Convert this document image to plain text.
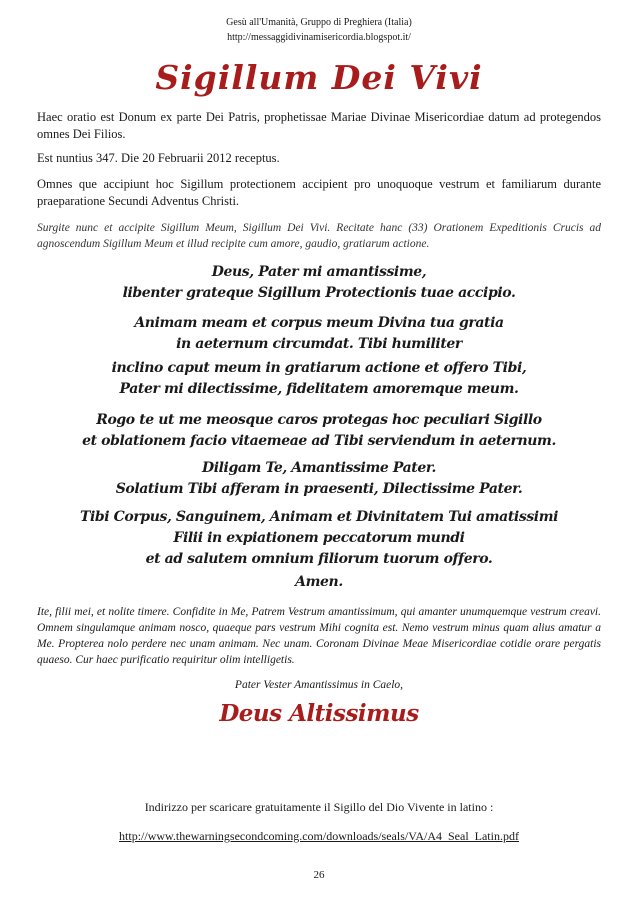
Gesù all'Umanità, Gruppo di Preghiera (Italia)
http://messaggidivinamisericordia.blogspot.it/
Sigillum Dei Vivi
Haec oratio est Donum ex parte Dei Patris, prophetissae Mariae Divinae Misericordiae datum ad protegendos omnes Dei Filios.
Est nuntius 347. Die 20 Februarii 2012 receptus.
Omnes que accipiunt hoc Sigillum protectionem accipient pro unoquoque vestrum et familiarum durante praeparatione Secundi Adventus Christi.
Surgite nunc et accipite Sigillum Meum, Sigillum Dei Vivi. Recitate hanc (33) Orationem Expeditionis Crucis ad agnoscendum Sigillum Meum et illud recipite cum amore, gaudio, gratiarum actione.
Deus, Pater mi amantissime,
libenter grateque Sigillum Protectionis tuae accipio.
Animam meam et corpus meum Divina tua gratia
in aeternum circumdat. Tibi humiliter
inclino caput meum in gratiarum actione et offero Tibi,
Pater mi dilectissime, fidelitatem amoremque meum.
Rogo te ut me meosque caros protegas hoc peculiari Sigillo
et oblationem facio vitaemeae ad Tibi serviendum in aeternum.
Diligam Te, Amantissime Pater.
Solatium Tibi afferam in praesenti, Dilectissime Pater.
Tibi Corpus, Sanguinem, Animam et Divinitatem Tui amatissimi
Filii in expiationem peccatorum mundi
et ad salutem omnium filiorum tuorum offero.
Amen.
Ite, filii mei, et nolite timere. Confidite in Me, Patrem Vestrum amantissimum, qui amanter unumquemque vestrum creavi. Omnem singulamque animam nosco, quaeque pars vestrum Mihi cognita est. Nemo vestrum minus quam alius amatur a Me. Propterea nolo perdere nec unam animam. Nec unam. Coronam Divinae Meae Misericordiae cotidie orare pergatis quaeso. Cur haec purificatio requiritur olim intelligetis.
Pater Vester Amantissimus in Caelo,
Deus Altissimus
Indirizzo per scaricare gratuitamente il Sigillo del Dio Vivente in latino :
http://www.thewarningsecondcoming.com/downloads/seals/VA/A4_Seal_Latin.pdf
26
